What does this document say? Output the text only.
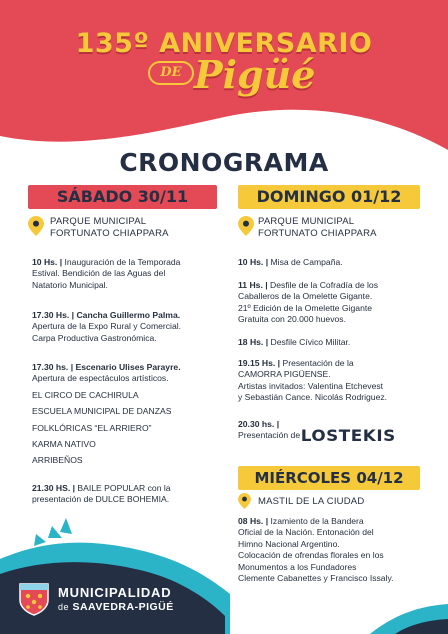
135º ANIVERSARIO
DE Pigüé
CRONOGRAMA
SÁBADO 30/11
PARQUE MUNICIPAL
FORTUNATO CHIAPPARA
10 Hs. | Inauguración de la Temporada
Estival. Bendición de las Aguas del
Natatorio Municipal.
17.30 Hs. | Cancha Guillermo Palma.
Apertura de la Expo Rural y Comercial.
Carpa Productiva Gastronómica.
17.30 hs. | Escenario Ulises Parayre.
Apertura de espectáculos artísticos.
EL CIRCO DE CACHIRULA
ESCUELA MUNICIPAL DE DANZAS
FOLKLÓRICAS “EL ARRIERO”
KARMA NATIVO
ARRIBEÑOS
21.30 HS. | BAILE POPULAR con la
presentación de DULCE BOHEMIA.
DOMINGO 01/12
PARQUE MUNICIPAL
FORTUNATO CHIAPPARA
10 Hs. | Misa de Campaña.
11 Hs. | Desfile de la Cofradía de los
Caballeros de la Omelette Gigante.
21º Edición de la Omelette Gigante
Gratuita con 20.000 huevos.
18 Hs. | Desfile Cívico Militar.
19.15 Hs. | Presentación de la
CAMORRA PIGÜENSE.
Artistas invitados: Valentina Etchevest
y Sebastián Cance. Nicolás Rodriguez.
20.30 hs. |
Presentación de LOSTEKIS
MIÉRCOLES 04/12
MASTIL DE LA CIUDAD
08 Hs. | Izamiento de la Bandera
Oficial de la Nación. Entonación del
Himno Nacional Argentino.
Colocación de ofrendas florales en los
Monumentos a los Fundadores
Clemente Cabanettes y Francisco Issaly.
MUNICIPALIDAD
de SAAVEDRA-PIGÜÉ
